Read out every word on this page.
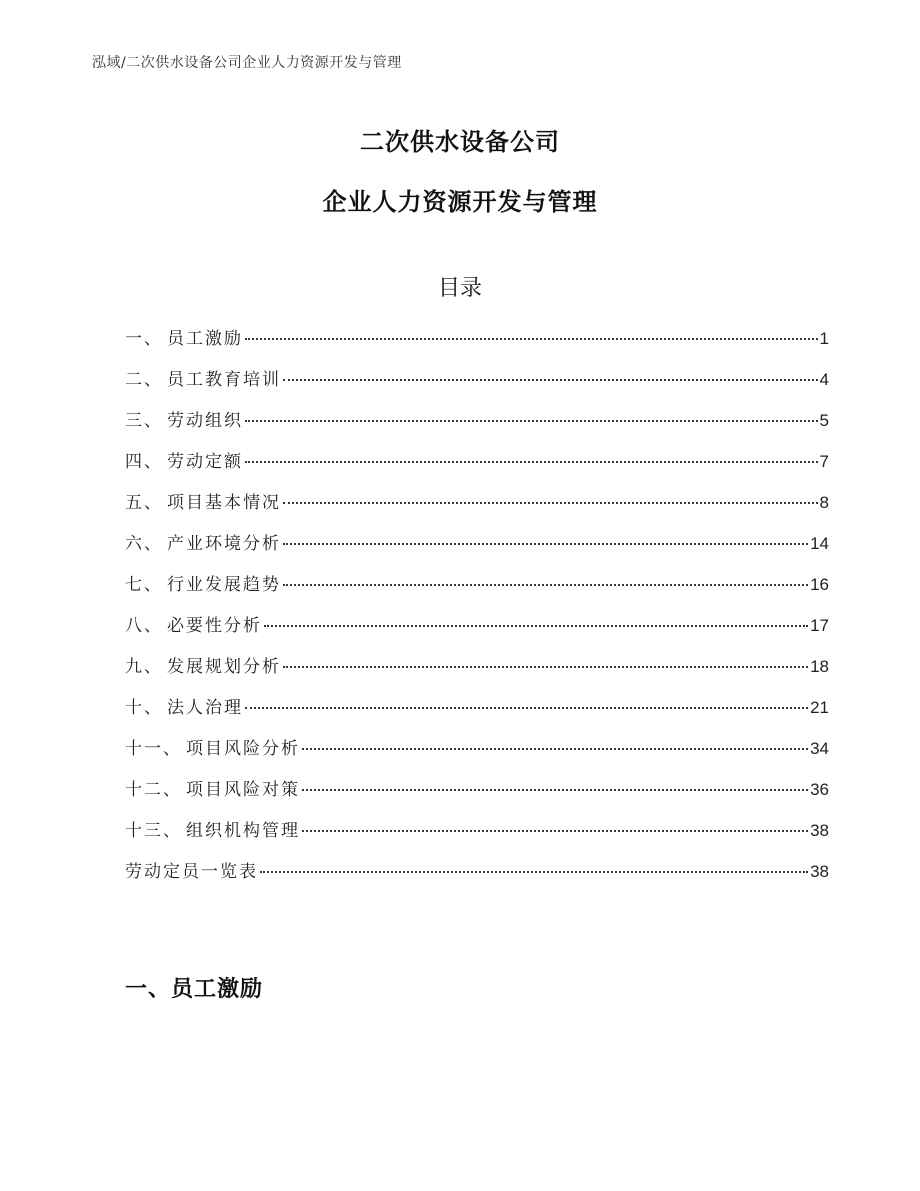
泓域/二次供水设备公司企业人力资源开发与管理
二次供水设备公司
企业人力资源开发与管理
目录
一、 员工激励	1
二、 员工教育培训	4
三、 劳动组织	5
四、 劳动定额	7
五、 项目基本情况	8
六、 产业环境分析	14
七、 行业发展趋势	16
八、 必要性分析	17
九、 发展规划分析	18
十、 法人治理	21
十一、 项目风险分析	34
十二、 项目风险对策	36
十三、 组织机构管理	38
劳动定员一览表	38
一、员工激励
